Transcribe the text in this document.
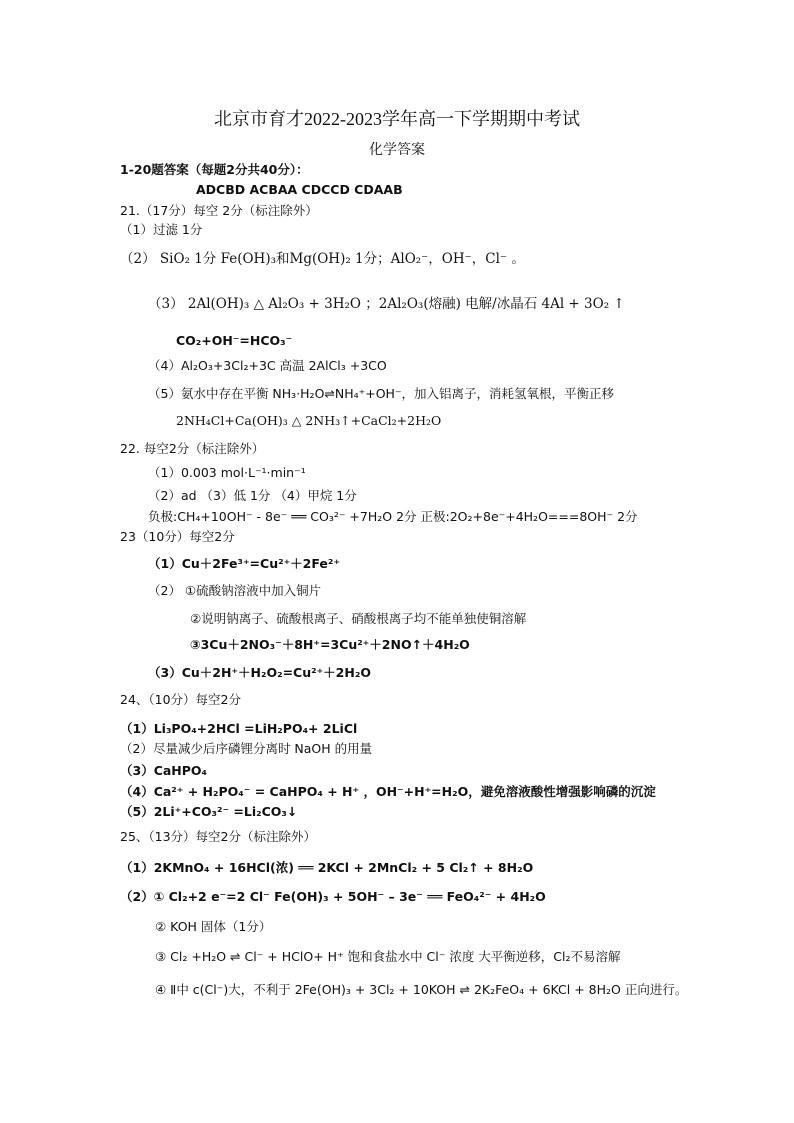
北京市育才2022-2023学年高一下学期期中考试
化学答案
1-20题答案（每题2分共40分）：
ADCBD ACBAA CDCCD CDAAB
21.（17分）每空 2分（标注除外）
（1）过滤 1分
（2） SiO₂ 1分 Fe(OH)₃和Mg(OH)₂ 1分；AlO₂⁻，OH⁻，Cl⁻ 。
（3） 2Al(OH)₃ △ Al₂O₃ + 3H₂O ；2Al₂O₃(熔融) 电解/冰晶石 4Al + 3O₂ ↑
CO₂+OH⁻=HCO₃⁻
（4）Al₂O₃+3Cl₂+3C 高温 2AlCl₃ +3CO
（5）氨水中存在平衡 NH₃·H₂O⇌NH₄⁺+OH⁻，加入铝离子，消耗氢氧根，平衡正移
2NH₄Cl+Ca(OH)₃ △ 2NH₃↑+CaCl₂+2H₂O
22. 每空2分（标注除外）
（1）0.003 mol·L⁻¹·min⁻¹
（2）ad （3）低 1分 （4）甲烷 1分
负极:CH₄+10OH⁻ - 8e⁻ ══ CO₃²⁻ +7H₂O 2分 正极:2O₂+8e⁻+4H₂O===8OH⁻ 2分
23（10分）每空2分
（1）Cu＋2Fe³⁺=Cu²⁺＋2Fe²⁺
（2） ①硫酸钠溶液中加入铜片
②说明钠离子、硫酸根离子、硝酸根离子均不能单独使铜溶解
③3Cu＋2NO₃⁻＋8H⁺=3Cu²⁺＋2NO↑＋4H₂O
（3）Cu＋2H⁺＋H₂O₂=Cu²⁺＋2H₂O
24、（10分）每空2分
（1）Li₃PO₄+2HCl =LiH₂PO₄+ 2LiCl
（2）尽量减少后序磷锂分离时 NaOH 的用量
（3）CaHPO₄
（4）Ca²⁺ + H₂PO₄⁻ = CaHPO₄ + H⁺ ，OH⁻+H⁺=H₂O，避免溶液酸性增强影响磷的沉淀
（5）2Li⁺+CO₃²⁻ =Li₂CO₃↓
25、（13分）每空2分（标注除外）
（1）2KMnO₄ + 16HCl(浓) ══ 2KCl + 2MnCl₂ + 5 Cl₂↑ + 8H₂O
（2）① Cl₂+2 e⁻=2 Cl⁻ Fe(OH)₃ + 5OH⁻ – 3e⁻ ══ FeO₄²⁻ + 4H₂O
② KOH 固体（1分）
③ Cl₂ +H₂O ⇌ Cl⁻ + HClO+ H⁺ 饱和食盐水中 Cl⁻ 浓度 大平衡逆移，Cl₂不易溶解
④ Ⅱ中 c(Cl⁻)大，不利于 2Fe(OH)₃ + 3Cl₂ + 10KOH ⇌ 2K₂FeO₄ + 6KCl + 8H₂O 正向进行。
